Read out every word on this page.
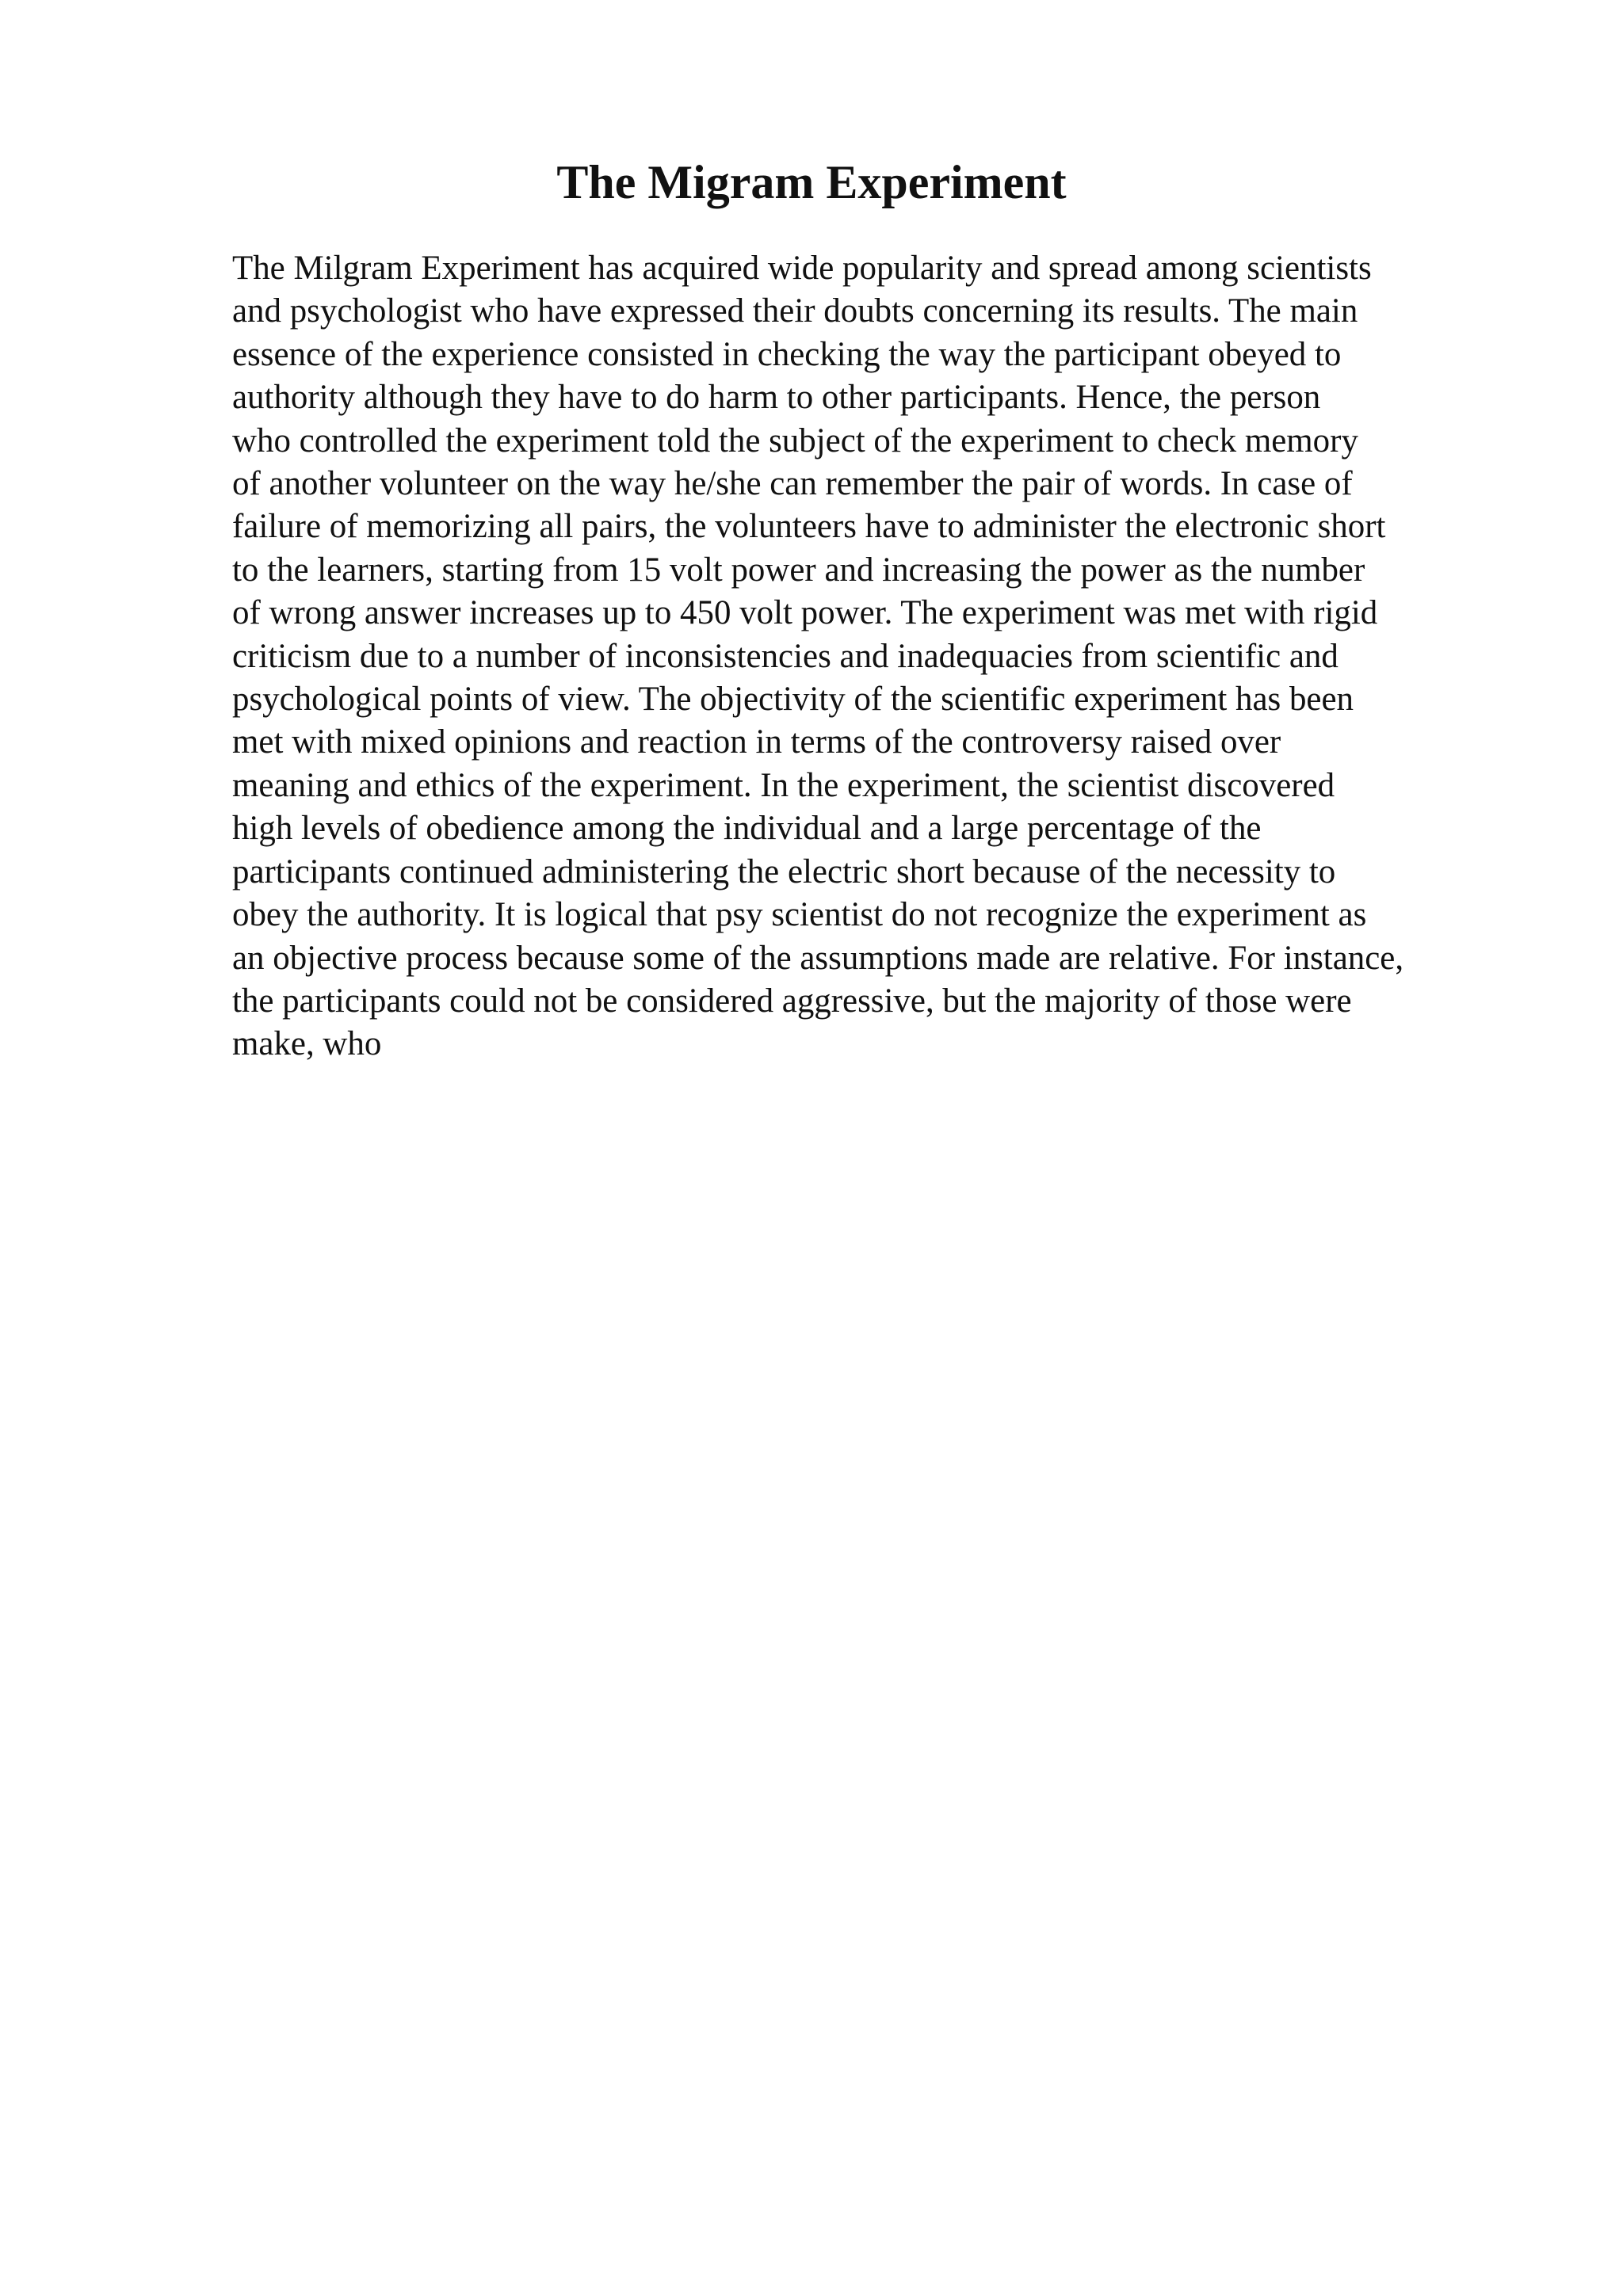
The Migram Experiment
The Milgram Experiment has acquired wide popularity and spread among scientists
and psychologist who have expressed their doubts concerning its results. The main
essence of the experience consisted in checking the way the participant obeyed to
authority although they have to do harm to other participants. Hence, the person
who controlled the experiment told the subject of the experiment to check memory
of another volunteer on the way he/she can remember the pair of words. In case of
failure of memorizing all pairs, the volunteers have to administer the electronic short
to the learners, starting from 15 volt power and increasing the power as the number
of wrong answer increases up to 450 volt power. The experiment was met with rigid
criticism due to a number of inconsistencies and inadequacies from scientific and
psychological points of view. The objectivity of the scientific experiment has been
met with mixed opinions and reaction in terms of the controversy raised over
meaning and ethics of the experiment. In the experiment, the scientist discovered
high levels of obedience among the individual and a large percentage of the
participants continued administering the electric short because of the necessity to
obey the authority. It is logical that psy scientist do not recognize the experiment as
an objective process because some of the assumptions made are relative. For instance,
the participants could not be considered aggressive, but the majority of those were
make, who
